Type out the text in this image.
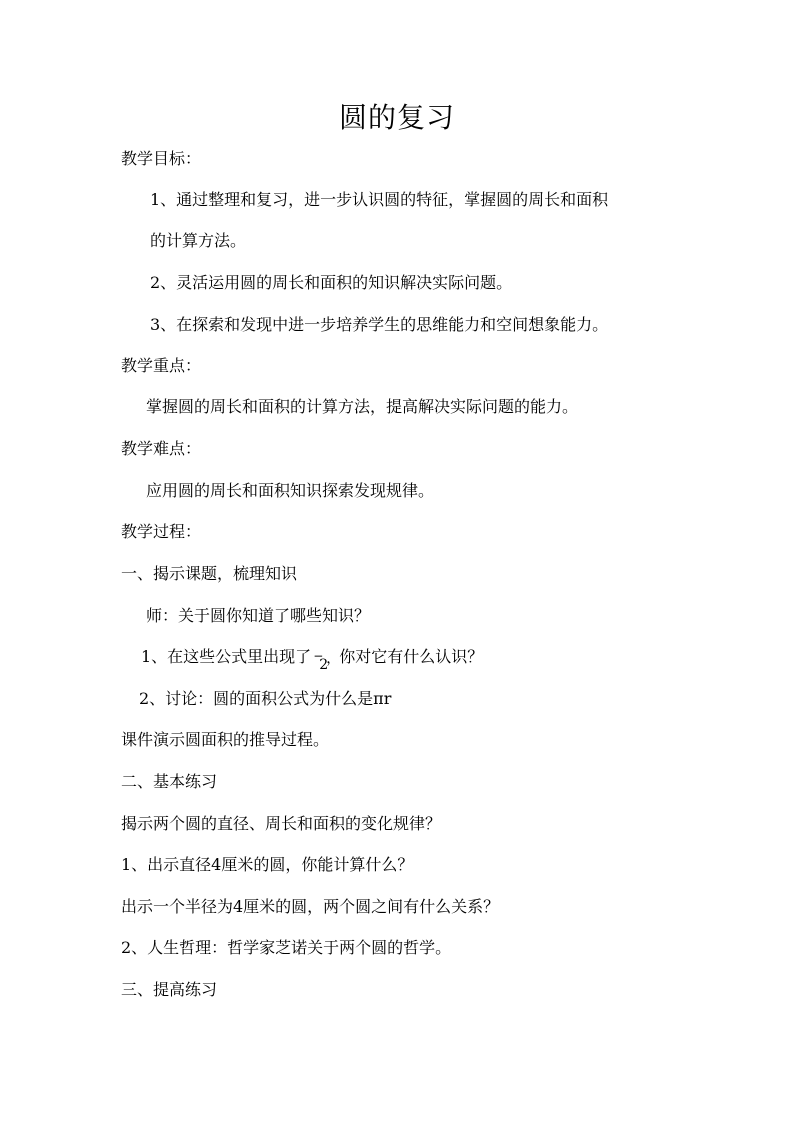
圆的复习
教学目标：
1、通过整理和复习，进一步认识圆的特征，掌握圆的周长和面积
的计算方法。
2、灵活运用圆的周长和面积的知识解决实际问题。
3、在探索和发现中进一步培养学生的思维能力和空间想象能力。
教学重点：
掌握圆的周长和面积的计算方法，提高解决实际问题的能力。
教学难点：
应用圆的周长和面积知识探索发现规律。
教学过程：
一、揭示课题，梳理知识
师：关于圆你知道了哪些知识？
1、在这些公式里出现了 −
2
， 你对它有什么认识？
2、讨论：圆的面积公式为什么是πr
课件演示圆面积的推导过程。
二、基本练习
揭示两个圆的直径、周长和面积的变化规律？
1、出示直径4厘米的圆，你能计算什么？
出示一个半径为4厘米的圆，两个圆之间有什么关系？
2、人生哲理：哲学家芝诺关于两个圆的哲学。
三、提高练习
